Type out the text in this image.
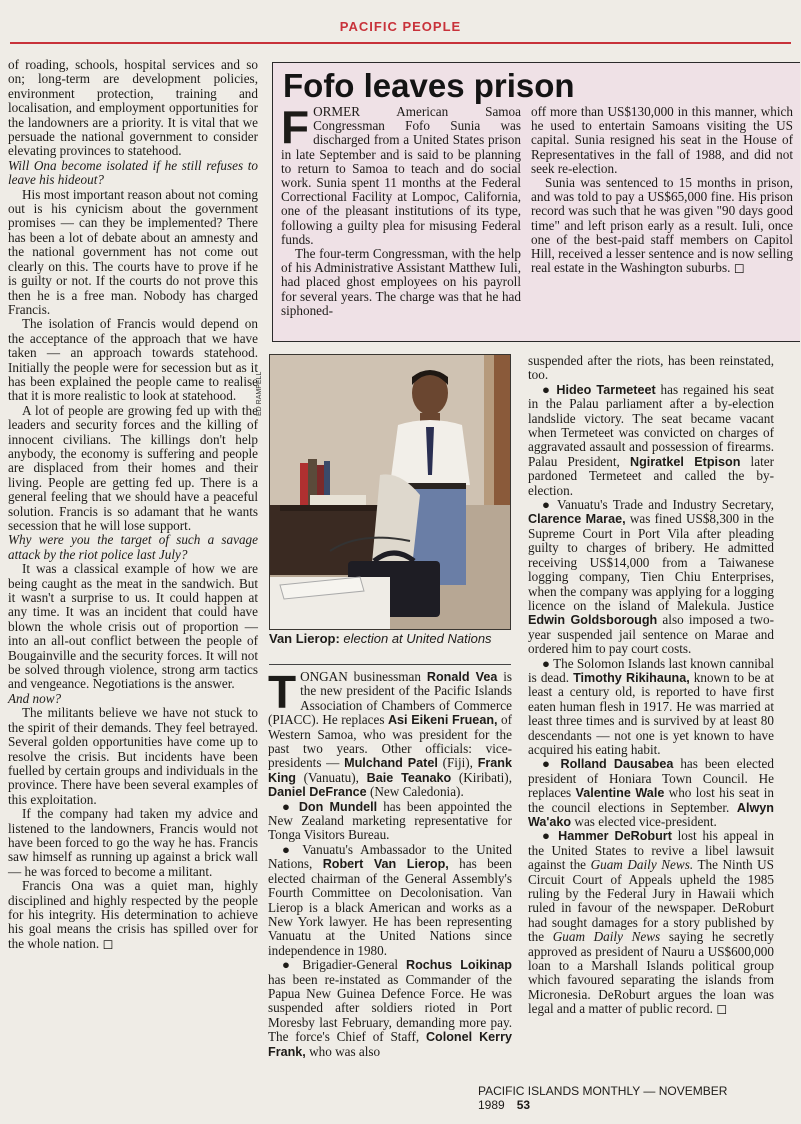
PACIFIC PEOPLE

of roading, schools, hospital services and so on; long-term are development policies, environment protection, training and localisation, and employment opportunities for the landowners are a priority. It is vital that we persuade the national government to consider elevating provinces to statehood.

Will Ona become isolated if he still refuses to leave his hideout?

His most important reason about not coming out is his cynicism about the government promises — can they be implemented? There has been a lot of debate about an amnesty and the national government has not come out clearly on this. The courts have to prove if he is guilty or not. If the courts do not prove this then he is a free man. Nobody has charged Francis.

The isolation of Francis would depend on the acceptance of the approach that we have taken — an approach towards statehood. Initially the people were for secession but as it has been explained the people came to realise that it is more realistic to look at statehood.

A lot of people are growing fed up with the leaders and security forces and the killing of innocent civilians. The killings don't help anybody, the economy is suffering and people are displaced from their homes and their living. People are getting fed up. There is a general feeling that we should have a peaceful solution. Francis is so adamant that he wants secession that he will lose support.

Why were you the target of such a savage attack by the riot police last July?

It was a classical example of how we are being caught as the meat in the sandwich. But it wasn't a surprise to us. It could happen at any time. It was an incident that could have blown the whole crisis out of proportion — into an all-out conflict between the people of Bougainville and the security forces. It will not be solved through violence, strong arm tactics and vengeance. Negotiations is the answer.

And now?

The militants believe we have not stuck to the spirit of their demands. They feel betrayed. Several golden opportunities have come up to resolve the crisis. But incidents have been fuelled by certain groups and individuals in the province. There have been several examples of this exploitation.

If the company had taken my advice and listened to the landowners, Francis would not have been forced to go the way he has. Francis saw himself as running up against a brick wall — he was forced to become a militant.

Francis Ona was a quiet man, highly disciplined and highly respected by the people for his integrity. His determination to achieve his goal means the crisis has spilled over for the whole nation. ◻

Fofo leaves prison

FORMER American Samoa Congressman Fofo Sunia was discharged from a United States prison in late September and is said to be planning to return to Samoa to teach and do social work. Sunia spent 11 months at the Federal Correctional Facility at Lompoc, California, one of the pleasant institutions of its type, following a guilty plea for misusing Federal funds.

The four-term Congressman, with the help of his Administrative Assistant Matthew Iuli, had placed ghost employees on his payroll for several years. The charge was that he had siphoned-

off more than US$130,000 in this manner, which he used to entertain Samoans visiting the US capital. Sunia resigned his seat in the House of Representatives in the fall of 1988, and did not seek re-election.

Sunia was sentenced to 15 months in prison, and was told to pay a US$65,000 fine. His prison record was such that he was given "90 days good time" and left prison early as a result. Iuli, once one of the best-paid staff members on Capitol Hill, received a lesser sentence and is now selling real estate in the Washington suburbs. ◻

ED RAMPELL
Van Lierop: election at United Nations

TONGAN businessman Ronald Vea is the new president of the Pacific Islands Association of Chambers of Commerce (PIACC). He replaces Asi Eikeni Fruean, of Western Samoa, who was president for the past two years. Other officials: vice-presidents — Mulchand Patel (Fiji), Frank King (Vanuatu), Baie Teanako (Kiribati), Daniel DeFrance (New Caledonia).

● Don Mundell has been appointed the New Zealand marketing representative for Tonga Visitors Bureau.

● Vanuatu's Ambassador to the United Nations, Robert Van Lierop, has been elected chairman of the General Assembly's Fourth Committee on Decolonisation. Van Lierop is a black American and works as a New York lawyer. He has been representing Vanuatu at the United Nations since independence in 1980.

● Brigadier-General Rochus Loikinap has been re-instated as Commander of the Papua New Guinea Defence Force. He was suspended after soldiers rioted in Port Moresby last February, demanding more pay. The force's Chief of Staff, Colonel Kerry Frank, who was also

suspended after the riots, has been reinstated, too.

● Hideo Tarmeteet has regained his seat in the Palau parliament after a by-election landslide victory. The seat became vacant when Termeteet was convicted on charges of aggravated assault and possession of firearms. Palau President, Ngiratkel Etpison later pardoned Termeteet and called the by-election.

● Vanuatu's Trade and Industry Secretary, Clarence Marae, was fined US$8,300 in the Supreme Court in Port Vila after pleading guilty to charges of bribery. He admitted receiving US$14,000 from a Taiwanese logging company, Tien Chiu Enterprises, when the company was applying for a logging licence on the island of Malekula. Justice Edwin Goldsborough also imposed a two-year suspended jail sentence on Marae and ordered him to pay court costs.

● The Solomon Islands last known cannibal is dead. Timothy Rikihauna, known to be at least a century old, is reported to have first eaten human flesh in 1917. He was married at least three times and is survived by at least 80 descendants — not one is yet known to have acquired his eating habit.

● Rolland Dausabea has been elected president of Honiara Town Council. He replaces Valentine Wale who lost his seat in the council elections in September. Alwyn Wa'ako was elected vice-president.

● Hammer DeRoburt lost his appeal in the United States to revive a libel lawsuit against the Guam Daily News. The Ninth US Circuit Court of Appeals upheld the 1985 ruling by the Federal Jury in Hawaii which ruled in favour of the newspaper. DeRoburt had sought damages for a story published by the Guam Daily News saying he secretly approved as president of Nauru a US$600,000 loan to a Marshall Islands political group which favoured separating the islands from Micronesia. DeRoburt argues the loan was legal and a matter of public record. ◻

PACIFIC ISLANDS MONTHLY — NOVEMBER 1989 53
